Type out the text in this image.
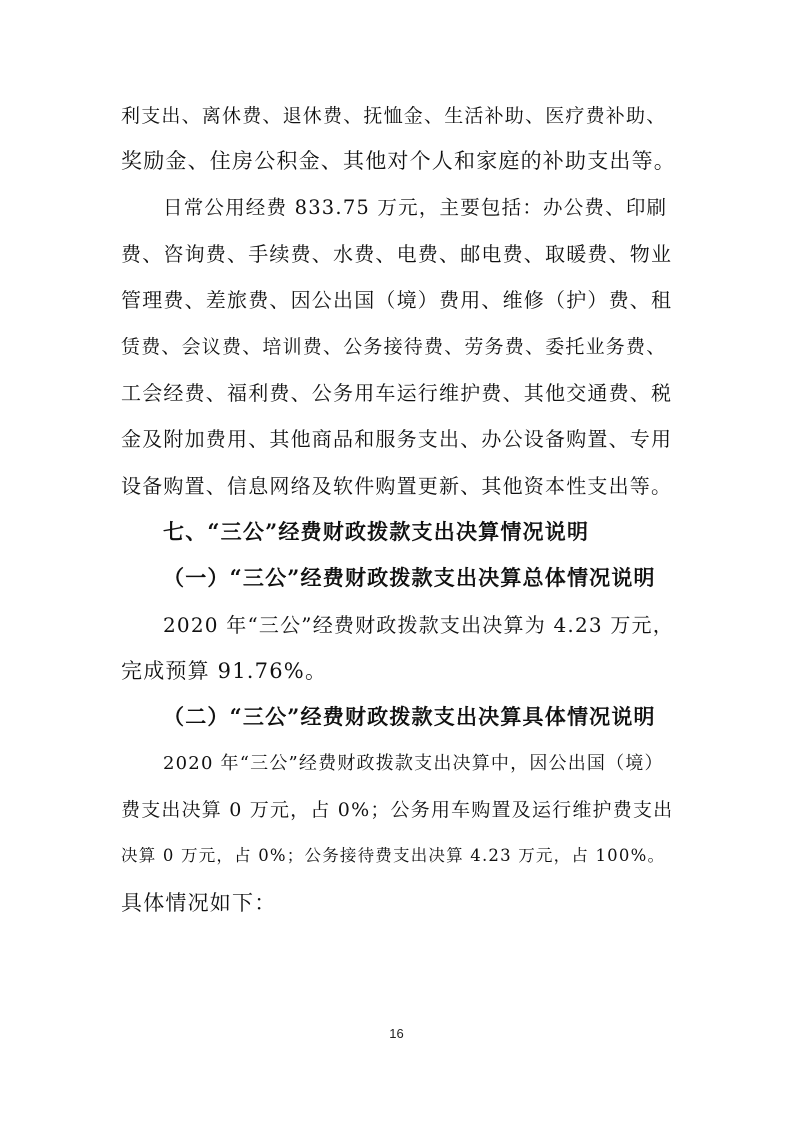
利支出、离休费、退休费、抚恤金、生活补助、医疗费补助、
奖励金、住房公积金、其他对个人和家庭的补助支出等。
日常公用经费 833.75 万元，主要包括：办公费、印刷
费、咨询费、手续费、水费、电费、邮电费、取暖费、物业
管理费、差旅费、因公出国（境）费用、维修（护）费、租
赁费、会议费、培训费、公务接待费、劳务费、委托业务费、
工会经费、福利费、公务用车运行维护费、其他交通费、税
金及附加费用、其他商品和服务支出、办公设备购置、专用
设备购置、信息网络及软件购置更新、其他资本性支出等。
七、“三公”经费财政拨款支出决算情况说明
（一）“三公”经费财政拨款支出决算总体情况说明
2020 年“三公”经费财政拨款支出决算为 4.23 万元，
完成预算 91.76%。
（二）“三公”经费财政拨款支出决算具体情况说明
2020 年“三公”经费财政拨款支出决算中，因公出国（境）
费支出决算 0 万元，占 0%；公务用车购置及运行维护费支出
决算 0 万元，占 0%；公务接待费支出决算 4.23 万元，占 100%。
具体情况如下：
16
